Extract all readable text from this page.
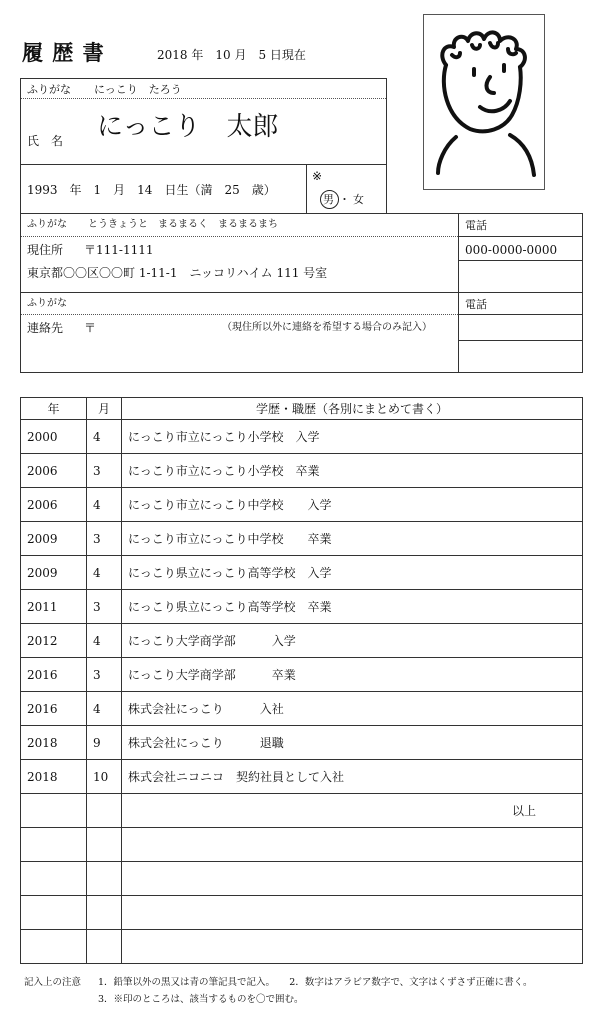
履 歴 書	2018 年　10 月　5 日現在
ふりがな にっこり　たろう
氏　名 にっこり　太郎
1993　年　1　月　14　日生（満　25　歳）
※
男 ・ 女
ふりがな とうきょうと　まるまるく　まるまるまち
現住所 〒111-1111
東京都〇〇区〇〇町 1-11-1　ニッコリハイム 111 号室
電話
000-0000-0000
ふりがな
連絡先 〒	（現住所以外に連絡を希望する場合のみ記入）
電話
年	月	学歴・職歴（各別にまとめて書く）
2000	4	にっこり市立にっこり小学校　入学
2006	3	にっこり市立にっこり小学校　卒業
2006	4	にっこり市立にっこり中学校　　入学
2009	3	にっこり市立にっこり中学校　　卒業
2009	4	にっこり県立にっこり高等学校　入学
2011	3	にっこり県立にっこり高等学校　卒業
2012	4	にっこり大学商学部　　　入学
2016	3	にっこり大学商学部　　　卒業
2016	4	株式会社にっこり　　　入社
2018	9	株式会社にっこり　　　退職
2018	10	株式会社ニコニコ　契約社員として入社
		以上

記入上の注意 1．鉛筆以外の黒又は青の筆記具で記入。　　2．数字はアラビア数字で、文字はくずさず正確に書く。
3．※印のところは、該当するものを〇で囲む。
